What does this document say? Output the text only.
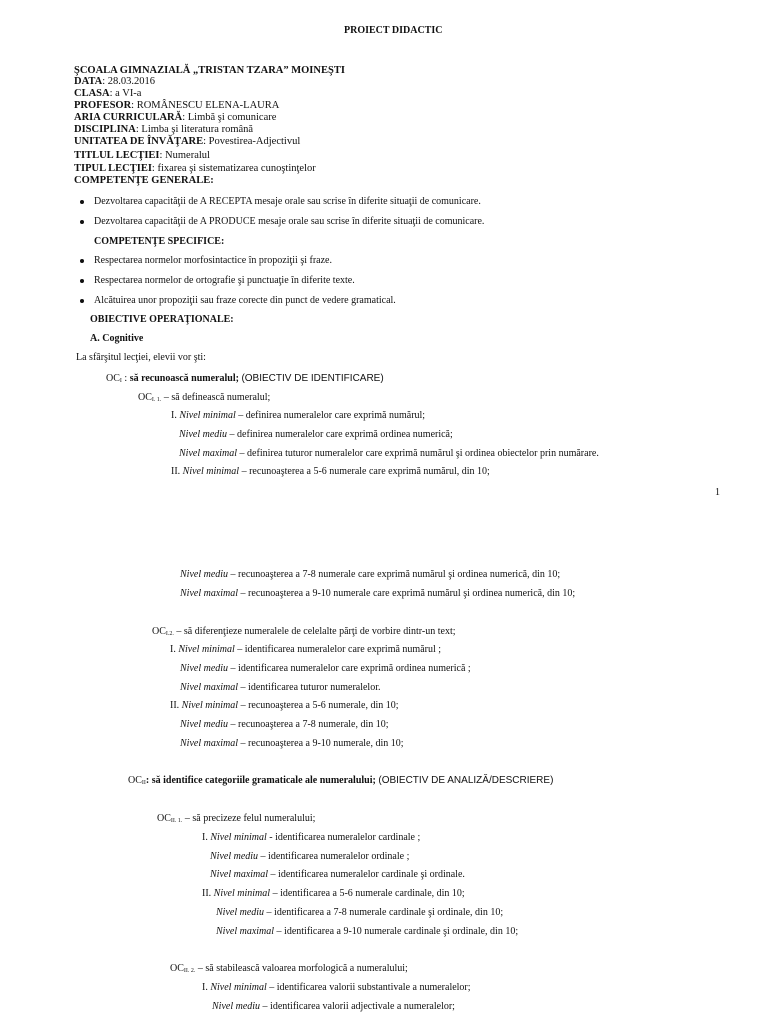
PROIECT DIDACTIC
ŞCOALA GIMNAZIALĂ „TRISTAN TZARA” MOINEŞTI
DATA: 28.03.2016
CLASA: a VI-a
PROFESOR: ROMÂNESCU ELENA-LAURA
ARIA CURRICULARĂ: Limbă şi comunicare
DISCIPLINA: Limba şi literatura română
UNITATEA DE ÎNVĂŢARE: Povestirea-Adjectivul
TITLUL LECŢIEI: Numeralul
TIPUL LECŢIEI: fixarea şi sistematizarea cunoştinţelor
COMPETENŢE GENERALE:
Dezvoltarea capacităţii de A RECEPTA mesaje orale sau scrise în diferite situaţii de comunicare.
Dezvoltarea capacităţii de A PRODUCE mesaje orale sau scrise în diferite situaţii de comunicare.
COMPETENŢE SPECIFICE:
Respectarea normelor morfosintactice în propoziţii şi fraze.
Respectarea normelor de ortografie şi punctuaţie în diferite texte.
Alcătuirea unor propoziţii sau fraze corecte din punct de vedere gramatical.
OBIECTIVE OPERAŢIONALE:
A. Cognitive
La sfârşitul lecţiei, elevii vor şti:
OCI : să recunoască numeralul; (OBIECTIV DE IDENTIFICARE)
OCI. 1. – să definească numeralul;
I. Nivel minimal – definirea numeralelor care exprimă numărul;
Nivel mediu – definirea numeralelor care exprimă ordinea numerică;
Nivel maximal – definirea tuturor numeralelor care exprimă numărul şi ordinea obiectelor prin numărare.
II. Nivel minimal – recunoaşterea a 5-6 numerale care exprimă numărul, din 10;
1
Nivel mediu – recunoaşterea a 7-8 numerale care exprimă numărul şi ordinea numerică, din 10;
Nivel maximal – recunoaşterea a 9-10 numerale care exprimă numărul şi ordinea numerică, din 10;
OCI.2. – să diferenţieze numeralele de celelalte părţi de vorbire dintr-un text;
I. Nivel minimal – identificarea numeralelor care exprimă numărul ;
Nivel mediu – identificarea numeralelor care exprimă ordinea numerică ;
Nivel maximal – identificarea tuturor numeralelor.
II. Nivel minimal – recunoaşterea a 5-6 numerale, din 10;
Nivel mediu – recunoaşterea a 7-8 numerale, din 10;
Nivel maximal – recunoaşterea a 9-10 numerale, din 10;
OCII: să identifice categoriile gramaticale ale numeralului; (OBIECTIV DE ANALIZĂ/DESCRIERE)
OCII. 1. – să precizeze felul numeralului;
I. Nivel minimal - identificarea numeralelor cardinale ;
Nivel mediu – identificarea numeralelor ordinale ;
Nivel maximal – identificarea numeralelor cardinale şi ordinale.
II. Nivel minimal – identificarea a 5-6 numerale cardinale, din 10;
Nivel mediu – identificarea a 7-8 numerale cardinale şi ordinale, din 10;
Nivel maximal – identificarea a 9-10 numerale cardinale şi ordinale, din 10;
OCII. 2. – să stabilească valoarea morfologică a numeralului;
I. Nivel minimal – identificarea valorii substantivale a numeralelor;
Nivel mediu – identificarea valorii adjectivale a numeralelor;
